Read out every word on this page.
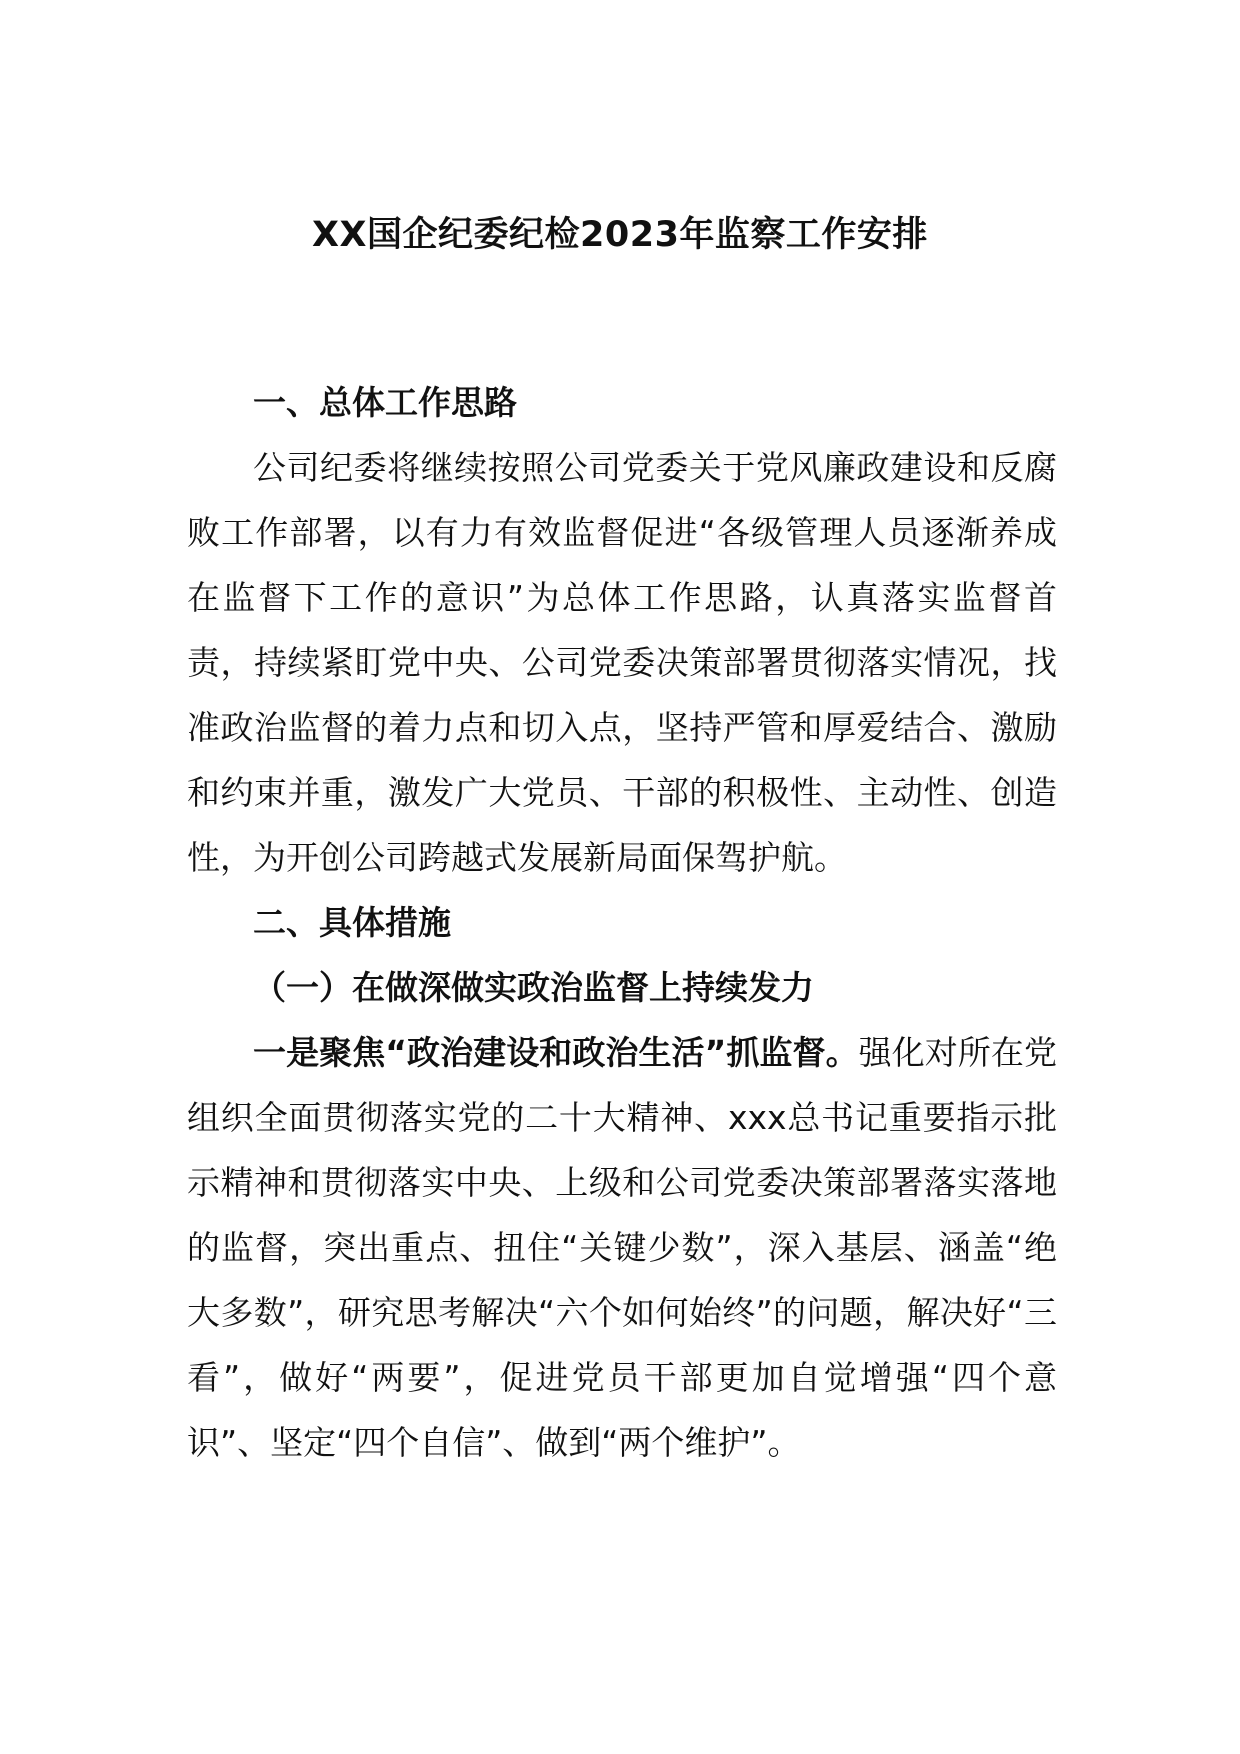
XX国企纪委纪检2023年监察工作安排

一、总体工作思路

公司纪委将继续按照公司党委关于党风廉政建设和反腐败工作部署，以有力有效监督促进“各级管理人员逐渐养成在监督下工作的意识”为总体工作思路，认真落实监督首责，持续紧盯党中央、公司党委决策部署贯彻落实情况，找准政治监督的着力点和切入点，坚持严管和厚爱结合、激励和约束并重，激发广大党员、干部的积极性、主动性、创造性，为开创公司跨越式发展新局面保驾护航。

二、具体措施

（一）在做深做实政治监督上持续发力

一是聚焦“政治建设和政治生活”抓监督。强化对所在党组织全面贯彻落实党的二十大精神、xxx总书记重要指示批示精神和贯彻落实中央、上级和公司党委决策部署落实落地的监督，突出重点、扭住“关键少数”，深入基层、涵盖“绝大多数”，研究思考解决“六个如何始终”的问题，解决好“三看”，做好“两要”，促进党员干部更加自觉增强“四个意识”、坚定“四个自信”、做到“两个维护”。
